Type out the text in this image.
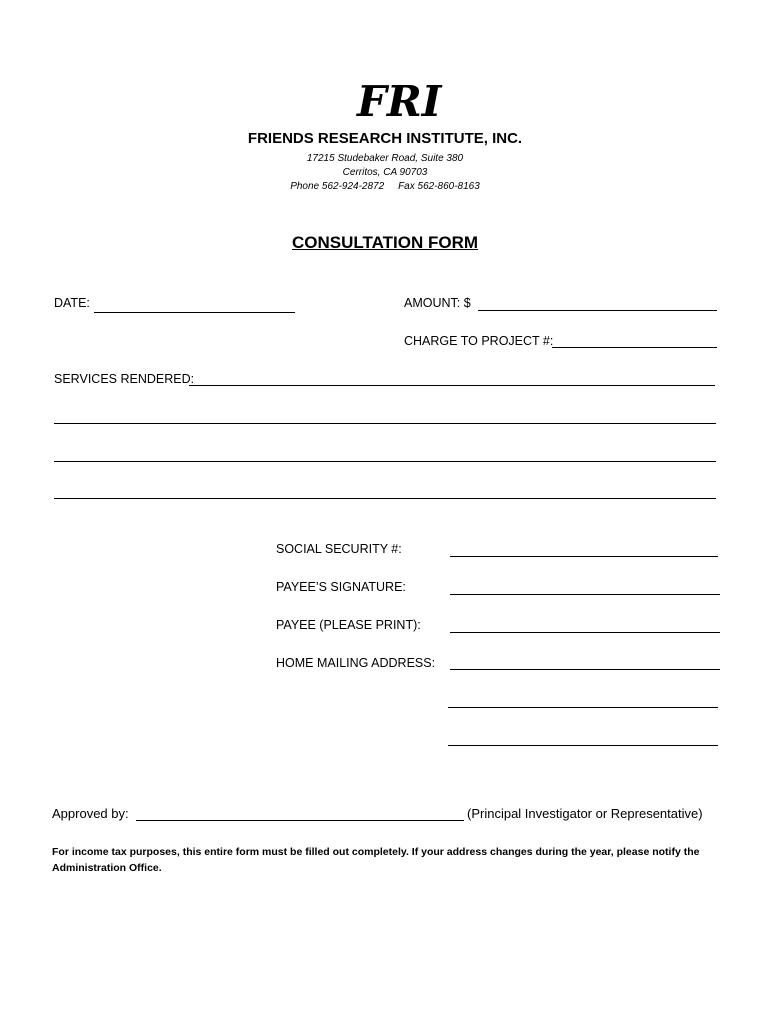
FRI
FRIENDS RESEARCH INSTITUTE, INC.
17215 Studebaker Road, Suite 380
Cerritos, CA 90703
Phone 562-924-2872 Fax 562-860-8163
CONSULTATION FORM
DATE:	AMOUNT: $
CHARGE TO PROJECT #:
SERVICES RENDERED:
SOCIAL SECURITY #:
PAYEE’S SIGNATURE:
PAYEE (PLEASE PRINT):
HOME MAILING ADDRESS:
Approved by:	(Principal Investigator or Representative)
For income tax purposes, this entire form must be filled out completely. If your address changes during the year, please notify the Administration Office.
